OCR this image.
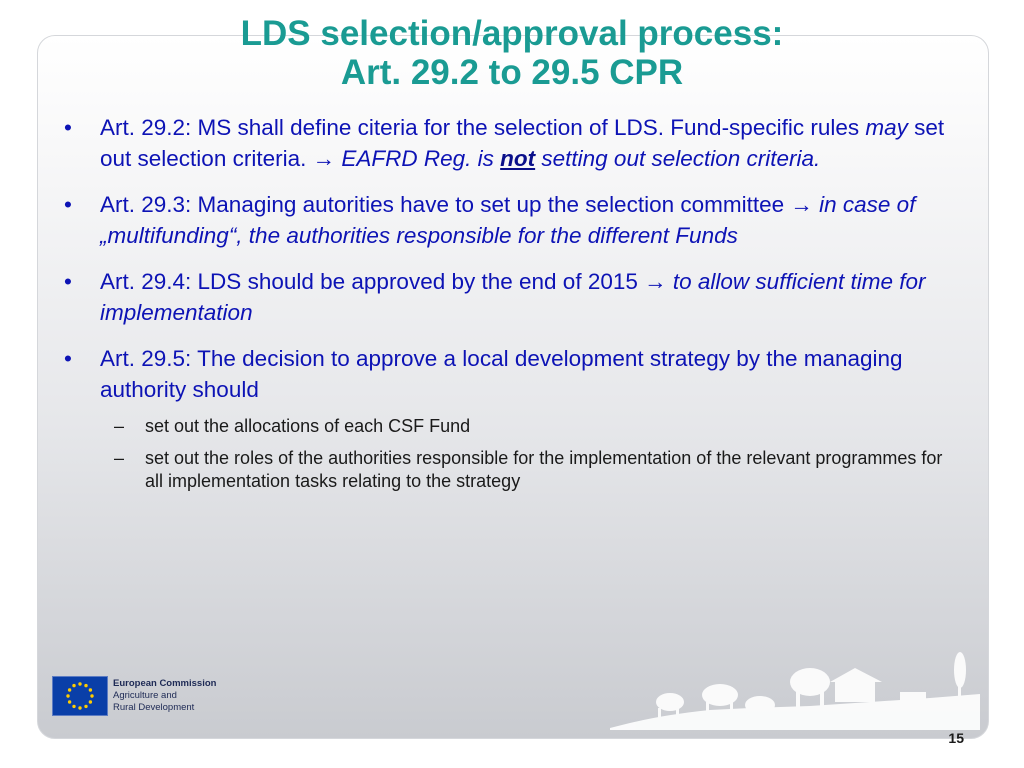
LDS selection/approval process:
Art. 29.2 to 29.5 CPR
• Art. 29.2: MS shall define citeria for the selection of LDS. Fund-specific rules may set out selection criteria. → EAFRD Reg. is not setting out selection criteria.
• Art. 29.3: Managing autorities have to set up the selection committee → in case of „multifunding“, the authorities responsible for the different Funds
• Art. 29.4: LDS should be approved by the end of 2015 → to allow sufficient time for implementation
• Art. 29.5: The decision to approve a local development strategy by the managing authority should
– set out the allocations of each CSF Fund
– set out the roles of the authorities responsible for the implementation of the relevant programmes for all implementation tasks relating to the strategy
European Commission
Agriculture and
Rural Development
15
